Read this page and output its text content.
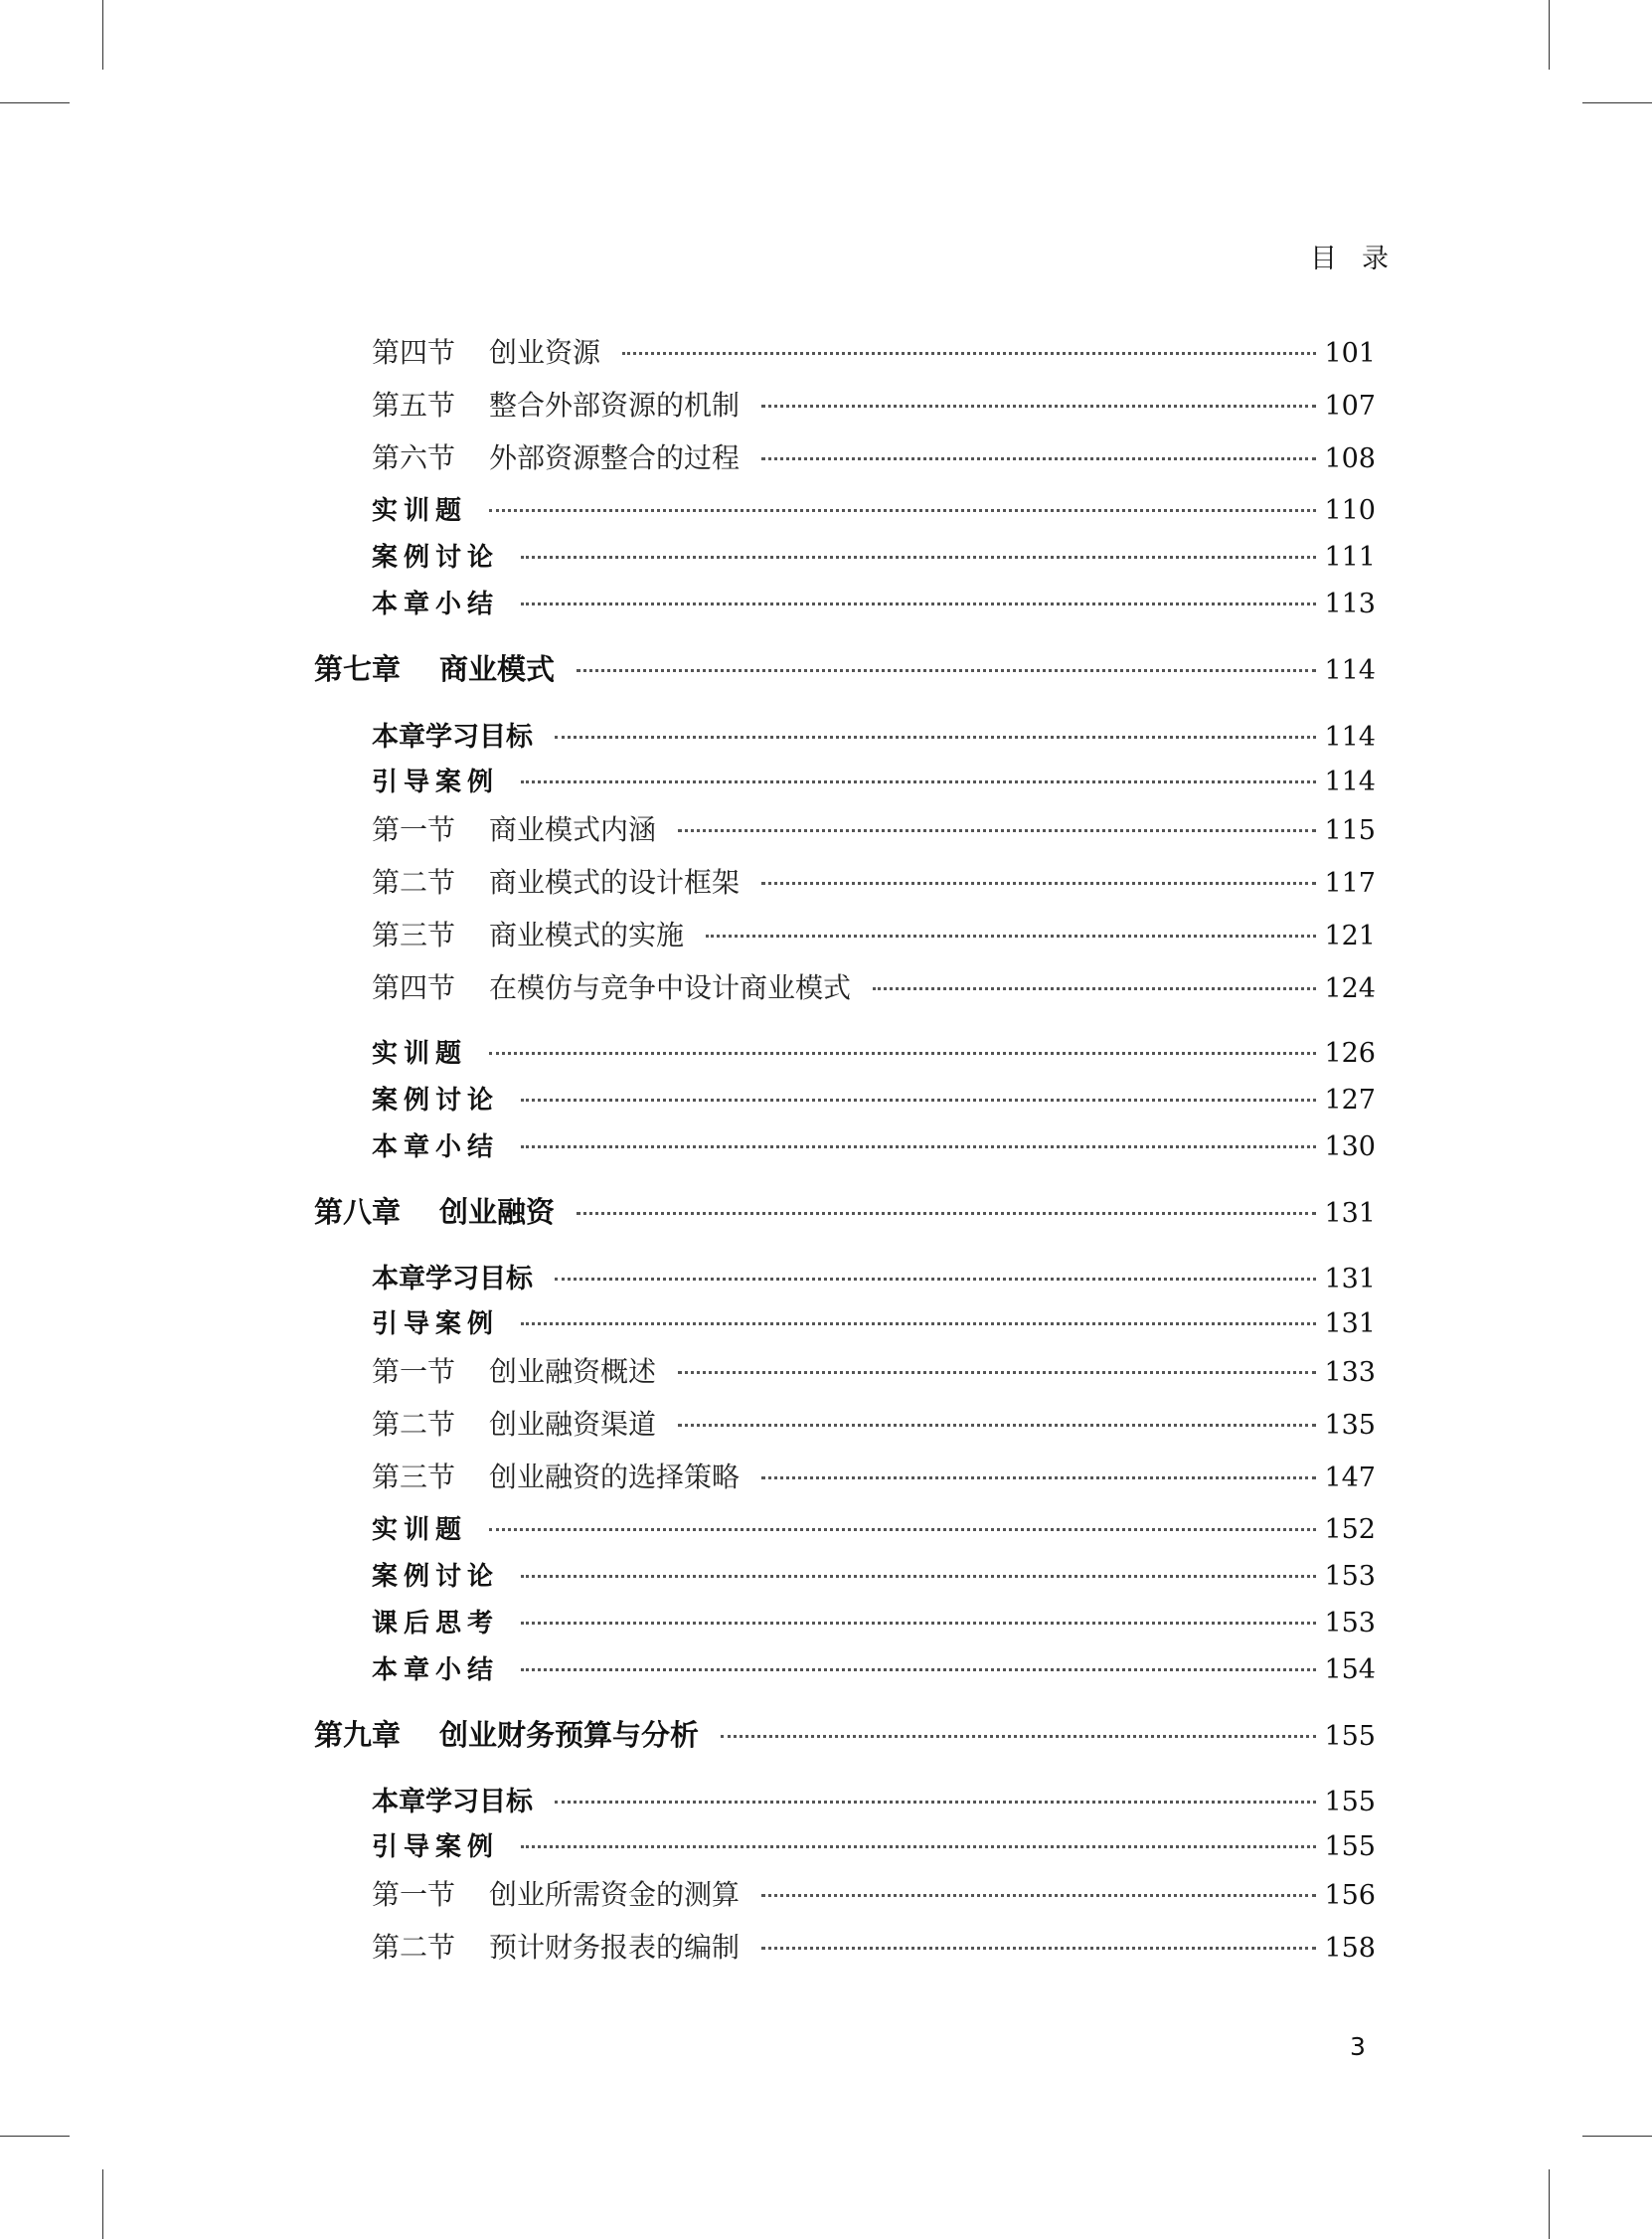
目 录
第四节 创业资源	101
第五节 整合外部资源的机制	107
第六节 外部资源整合的过程	108
实训题	110
案例讨论	111
本章小结	113
第七章 商业模式	114
本章学习目标	114
引导案例	114
第一节 商业模式内涵	115
第二节 商业模式的设计框架	117
第三节 商业模式的实施	121
第四节 在模仿与竞争中设计商业模式	124
实训题	126
案例讨论	127
本章小结	130
第八章 创业融资	131
本章学习目标	131
引导案例	131
第一节 创业融资概述	133
第二节 创业融资渠道	135
第三节 创业融资的选择策略	147
实训题	152
案例讨论	153
课后思考	153
本章小结	154
第九章 创业财务预算与分析	155
本章学习目标	155
引导案例	155
第一节 创业所需资金的测算	156
第二节 预计财务报表的编制	158
3
